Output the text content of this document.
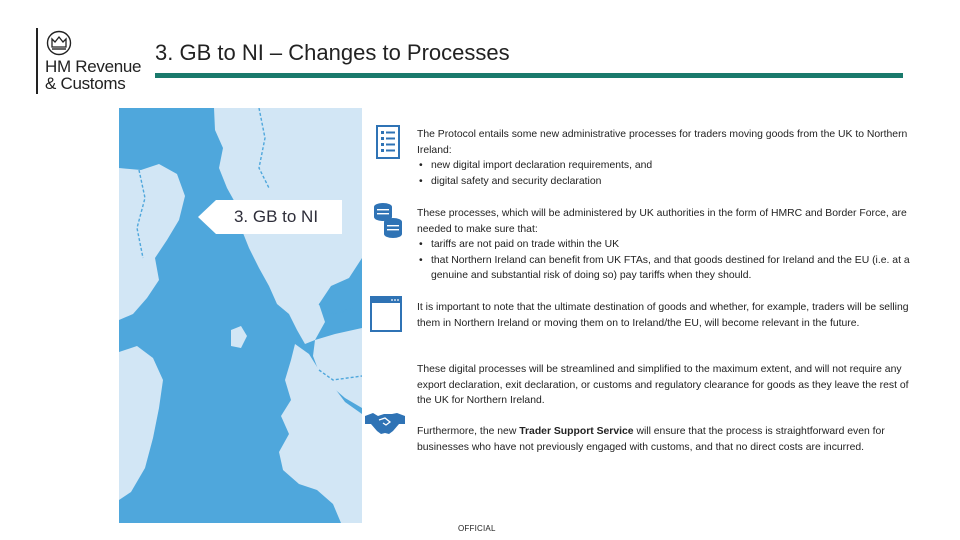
HM Revenue
& Customs
3. GB to NI – Changes to Processes
3. GB to NI

The Protocol entails some new administrative processes for traders moving goods from the UK to Northern Ireland:

• new digital import declaration requirements, and
• digital safety and security declaration

These processes, which will be administered by UK authorities in the form of HMRC and Border Force, are needed to make sure that:

• tariffs are not paid on trade within the UK
• that Northern Ireland can benefit from UK FTAs, and that goods destined for Ireland and the EU (i.e. at a genuine and substantial risk of doing so) pay tariffs when they should.

It is important to note that the ultimate destination of goods and whether, for example, traders will be selling them in Northern Ireland or moving them on to Ireland/the EU, will become relevant in the future.

These digital processes will be streamlined and simplified to the maximum extent, and will not require any export declaration, exit declaration, or customs and regulatory clearance for goods as they leave the rest of the UK for Northern Ireland.

Furthermore, the new Trader Support Service will ensure that the process is straightforward even for businesses who have not previously engaged with customs, and that no direct costs are incurred.

OFFICIAL
